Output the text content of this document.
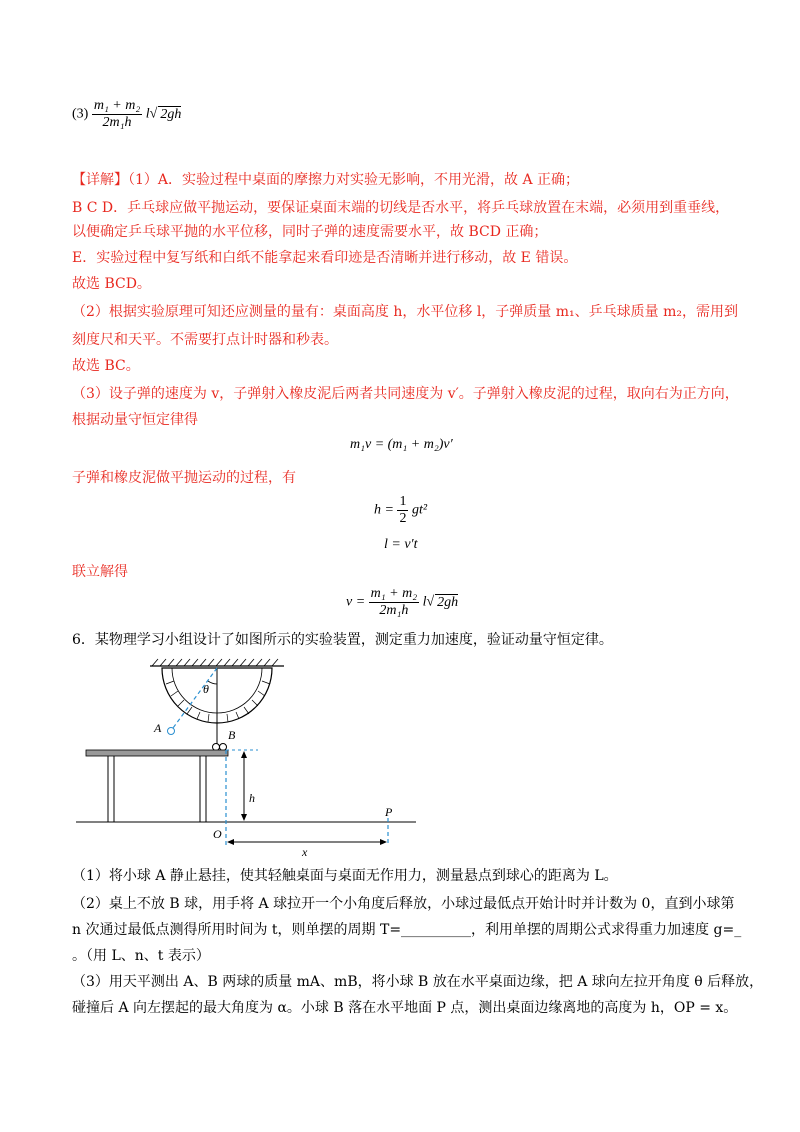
$(3) \frac{\text{m₁ + m₂}}{\text{2m₁h}} l√$ 2gh
【详解】（1）A．实验过程中桌面的摩擦力对实验无影响，不用光滑，故 A 正确；
B C D．乒乓球应做平抛运动，要保证桌面末端的切线是否水平，将乒乓球放置在末端，必须用到重垂线，
以便确定乒乓球平抛的水平位移，同时子弹的速度需要水平，故 BCD 正确；
E．实验过程中复写纸和白纸不能拿起来看印迹是否清晰并进行移动，故 E 错误。
故选 BCD。
（2）根据实验原理可知还应测量的量有：桌面高度 h，水平位移 l，子弹质量 m₁、乒乓球质量 m₂，需用到
刻度尺和天平。不需要打点计时器和秒表。
故选 BC。
（3）设子弹的速度为 v，子弹射入橡皮泥后两者共同速度为 v′。子弹射入橡皮泥的过程，取向右为正方向，
根据动量守恒定律得
m₁v = (m₁ + m₂)v′
子弹和橡皮泥做平抛运动的过程，有
$h = \frac{1}{2} gt^2$
l = v′t
联立解得
$v = \frac{\text{m₁ + m₂}}{\text{2m₁h}} l√$ 2gh
6．某物理学习小组设计了如图所示的实验装置，测定重力加速度，验证动量守恒定律。
θ
A	B
h
O
P
x
（1）将小球 A 静止悬挂，使其轻触桌面与桌面无作用力，测量悬点到球心的距离为 L。
（2）桌上不放 B 球，用手将 A 球拉开一个小角度后释放，小球过最低点开始计时并计数为 0，直到小球第
n 次通过最低点测得所用时间为 t，则单摆的周期 T=__________，利用单摆的周期公式求得重力加速度 g=_
。（用 L、n、t 表示）
（3）用天平测出 A、B 两球的质量 mA、mB，将小球 B 放在水平桌面边缘，把 A 球向左拉开角度 θ 后释放，
碰撞后 A 向左摆起的最大角度为 α。小球 B 落在水平地面 P 点，测出桌面边缘离地的高度为 h，OP = x。
